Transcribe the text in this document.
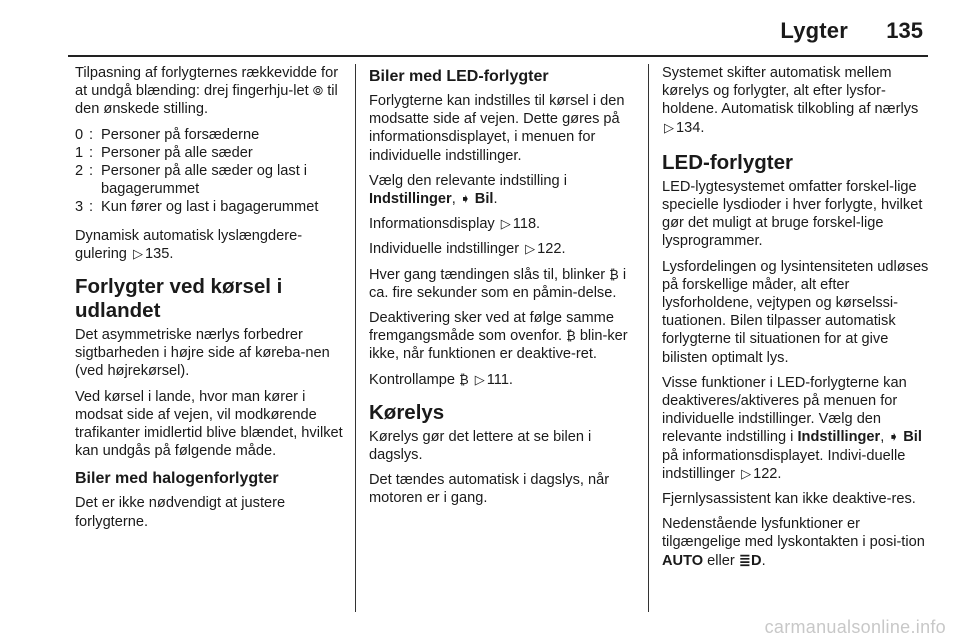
Lygter 135

Tilpasning af forlygternes rækkevidde for at undgå blænding: drej fingerhju-let ⦾ til den ønskede stilling.

0 : Personer på forsæderne
1 : Personer på alle sæder
2 : Personer på alle sæder og last i bagagerummet
3 : Kun fører og last i bagagerummet

Dynamisk automatisk lyslængdere-gulering ▷ 135.

Forlygter ved kørsel i
udlandet

Det asymmetriske nærlys forbedrer sigtbarheden i højre side af køreba-nen (ved højrekørsel).

Ved kørsel i lande, hvor man kører i modsat side af vejen, vil modkørende trafikanter imidlertid blive blændet, hvilket kan undgås på følgende måde.

Biler med halogenforlygter

Det er ikke nødvendigt at justere forlygterne.

Biler med LED-forlygter

Forlygterne kan indstilles til kørsel i den modsatte side af vejen. Dette gøres på informationsdisplayet, i menuen for individuelle indstillinger.

Vælg den relevante indstilling i Indstillinger, ➧ Bil.

Informationsdisplay ▷ 118.

Individuelle indstillinger ▷ 122.

Hver gang tændingen slås til, blinker ₿ i ca. fire sekunder som en påmin-delse.

Deaktivering sker ved at følge samme fremgangsmåde som ovenfor. ₿ blin-ker ikke, når funktionen er deaktive-ret.

Kontrollampe ₿ ▷ 111.

Kørelys

Kørelys gør det lettere at se bilen i dagslys.

Det tændes automatisk i dagslys, når motoren er i gang.

Systemet skifter automatisk mellem kørelys og forlygter, alt efter lysfor-holdene. Automatisk tilkobling af nærlys ▷ 134.

LED-forlygter

LED-lygtesystemet omfatter forskel-lige specielle lysdioder i hver forlygte, hvilket gør det muligt at bruge forskel-lige lysprogrammer.

Lysfordelingen og lysintensiteten udløses på forskellige måder, alt efter lysforholdene, vejtypen og kørselssi-tuationen. Bilen tilpasser automatisk forlygterne til situationen for at give bilisten optimalt lys.

Visse funktioner i LED-forlygterne kan deaktiveres/aktiveres på menuen for individuelle indstillinger. Vælg den relevante indstilling i Indstillinger, ➧ Bil på informationsdisplayet. Indivi-duelle indstillinger ▷ 122.

Fjernlysassistent kan ikke deaktive-res.

Nedenstående lysfunktioner er tilgængelige med lyskontakten i posi-tion AUTO eller ≣D.

carmanualsonline.info
